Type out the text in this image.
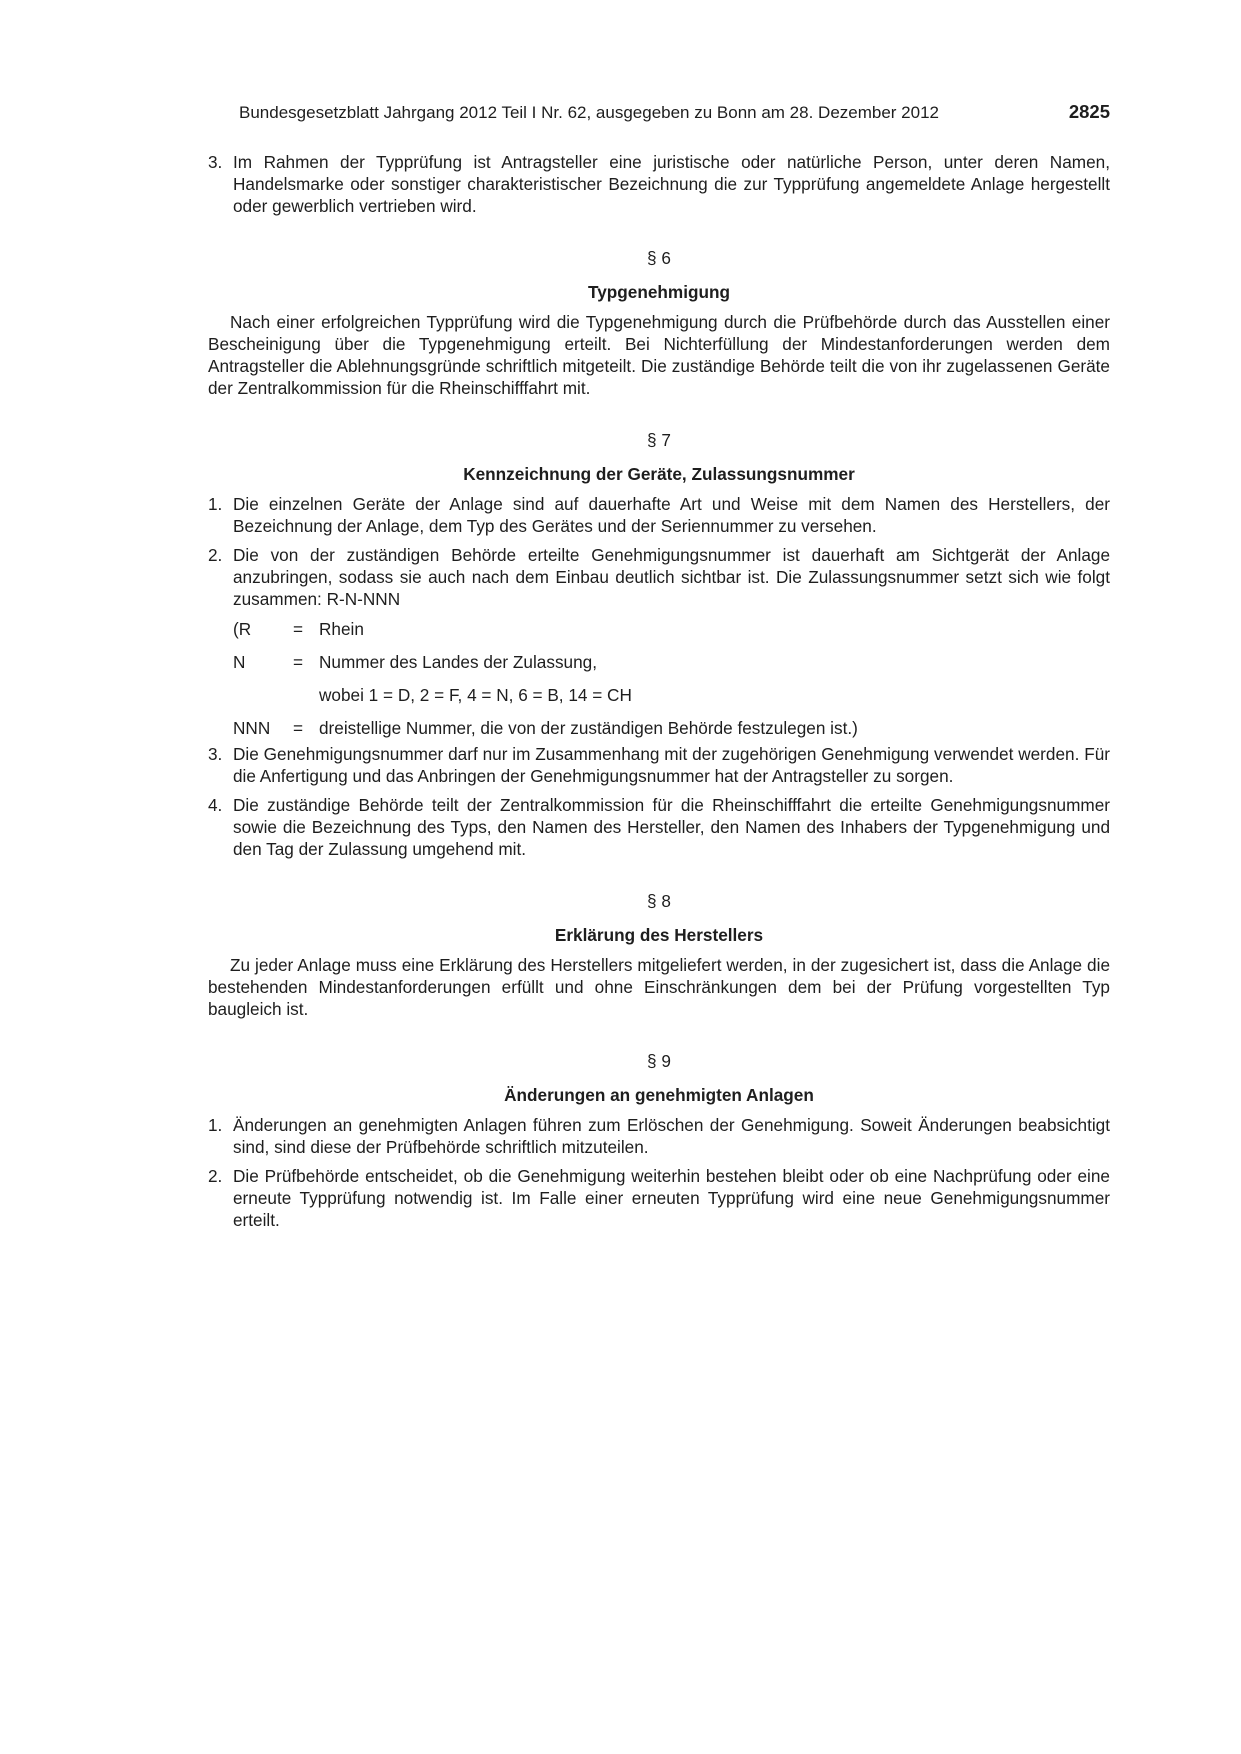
Bundesgesetzblatt Jahrgang 2012 Teil I Nr. 62, ausgegeben zu Bonn am 28. Dezember 2012	2825
3. Im Rahmen der Typprüfung ist Antragsteller eine juristische oder natürliche Person, unter deren Namen, Handelsmarke oder sonstiger charakteristischer Bezeichnung die zur Typprüfung angemeldete Anlage hergestellt oder gewerblich vertrieben wird.

§ 6
Typgenehmigung

Nach einer erfolgreichen Typprüfung wird die Typgenehmigung durch die Prüfbehörde durch das Ausstellen einer Bescheinigung über die Typgenehmigung erteilt. Bei Nichterfüllung der Mindestanforderungen werden dem Antragsteller die Ablehnungsgründe schriftlich mitgeteilt. Die zuständige Behörde teilt die von ihr zugelassenen Geräte der Zentralkommission für die Rheinschifffahrt mit.

§ 7
Kennzeichnung der Geräte, Zulassungsnummer
1. Die einzelnen Geräte der Anlage sind auf dauerhafte Art und Weise mit dem Namen des Herstellers, der Bezeichnung der Anlage, dem Typ des Gerätes und der Seriennummer zu versehen.

2. Die von der zuständigen Behörde erteilte Genehmigungsnummer ist dauerhaft am Sichtgerät der Anlage anzubringen, sodass sie auch nach dem Einbau deutlich sichtbar ist. Die Zulassungsnummer setzt sich wie folgt zusammen: R-N-NNN

(R	= Rhein
N	= Nummer des Landes der Zulassung,
wobei 1 = D, 2 = F, 4 = N, 6 = B, 14 = CH
NNN	= dreistellige Nummer, die von der zuständigen Behörde festzulegen ist.)
3. Die Genehmigungsnummer darf nur im Zusammenhang mit der zugehörigen Genehmigung verwendet werden. Für die Anfertigung und das Anbringen der Genehmigungsnummer hat der Antragsteller zu sorgen.

4. Die zuständige Behörde teilt der Zentralkommission für die Rheinschifffahrt die erteilte Genehmigungsnummer sowie die Bezeichnung des Typs, den Namen des Hersteller, den Namen des Inhabers der Typgenehmigung und den Tag der Zulassung umgehend mit.

§ 8
Erklärung des Herstellers

Zu jeder Anlage muss eine Erklärung des Herstellers mitgeliefert werden, in der zugesichert ist, dass die Anlage die bestehenden Mindestanforderungen erfüllt und ohne Einschränkungen dem bei der Prüfung vorgestellten Typ baugleich ist.

§ 9
Änderungen an genehmigten Anlagen
1. Änderungen an genehmigten Anlagen führen zum Erlöschen der Genehmigung. Soweit Änderungen beabsichtigt sind, sind diese der Prüfbehörde schriftlich mitzuteilen.

2. Die Prüfbehörde entscheidet, ob die Genehmigung weiterhin bestehen bleibt oder ob eine Nachprüfung oder eine erneute Typprüfung notwendig ist. Im Falle einer erneuten Typprüfung wird eine neue Genehmigungsnummer erteilt.
